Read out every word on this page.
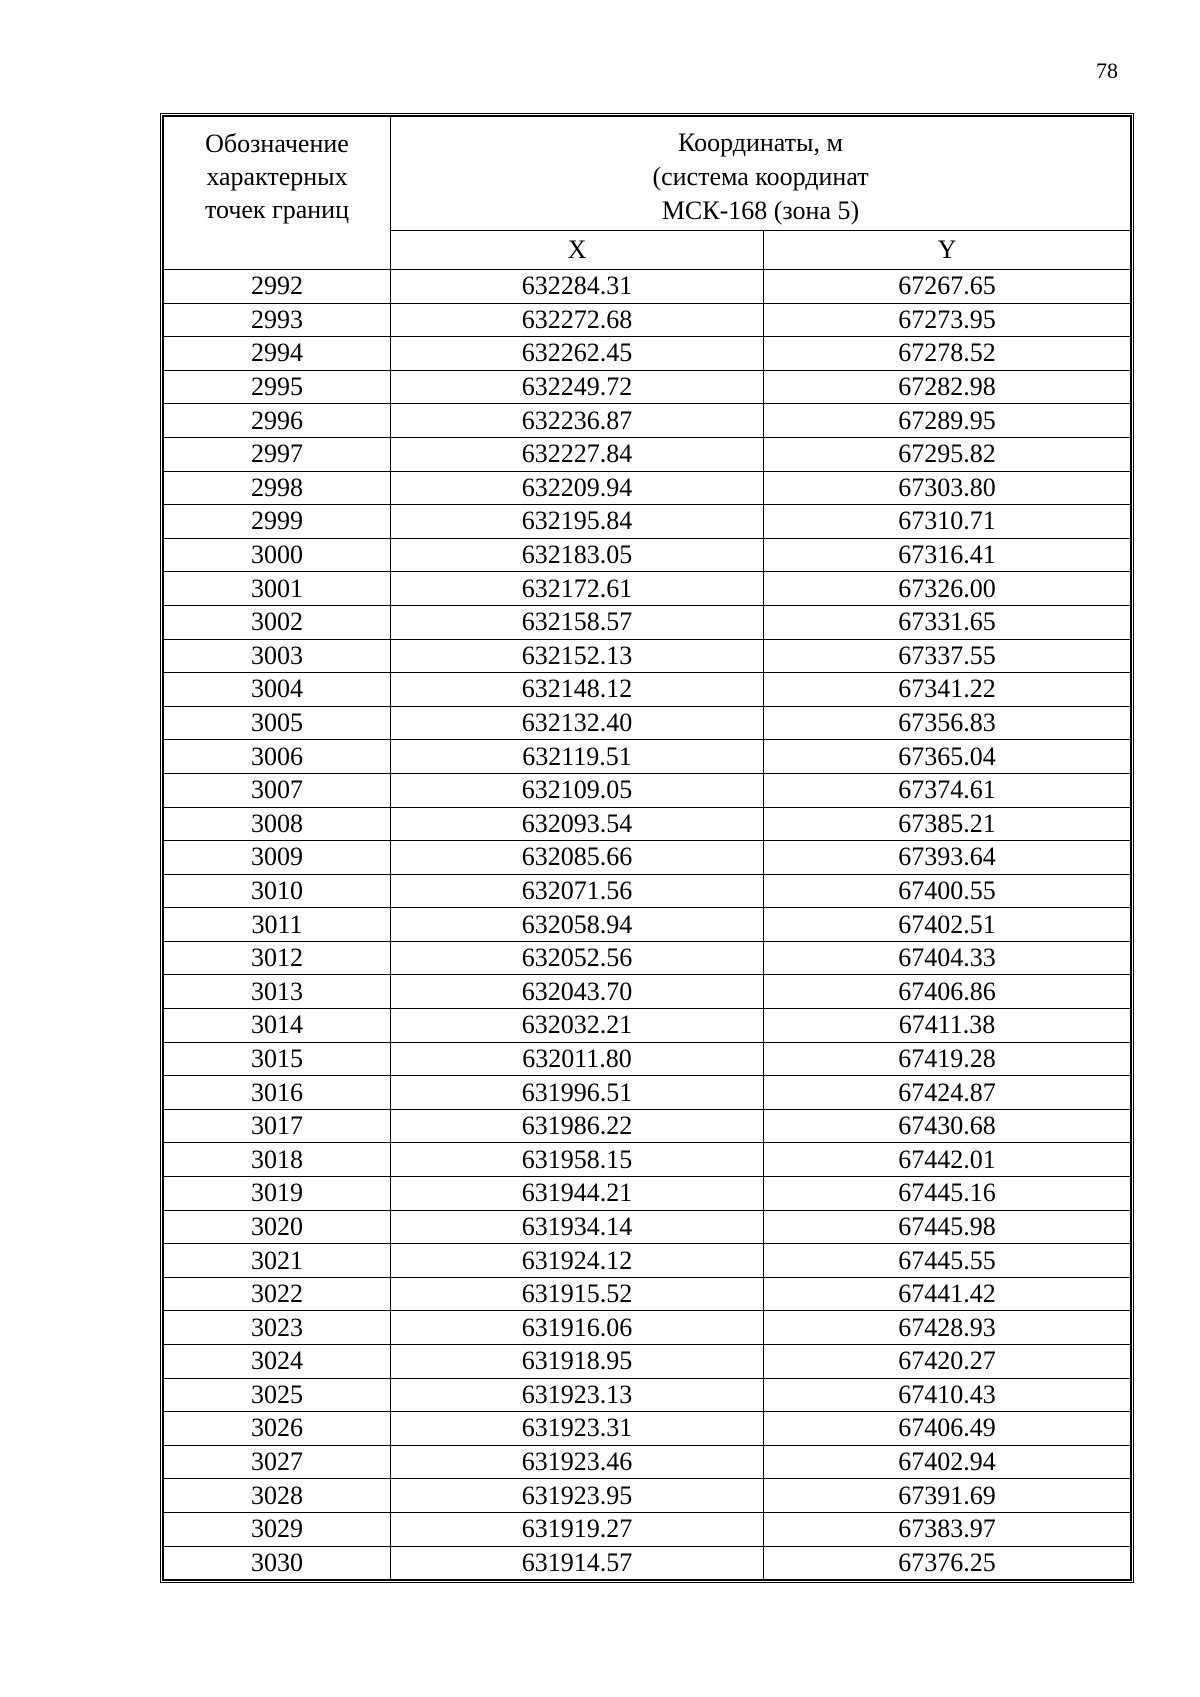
78
Обозначение
характерных
точек границ	Координаты, м
(система координат
МСК-168 (зона 5)	
	X	Y
2992	632284.31	67267.65
2993	632272.68	67273.95
2994	632262.45	67278.52
2995	632249.72	67282.98
2996	632236.87	67289.95
2997	632227.84	67295.82
2998	632209.94	67303.80
2999	632195.84	67310.71
3000	632183.05	67316.41
3001	632172.61	67326.00
3002	632158.57	67331.65
3003	632152.13	67337.55
3004	632148.12	67341.22
3005	632132.40	67356.83
3006	632119.51	67365.04
3007	632109.05	67374.61
3008	632093.54	67385.21
3009	632085.66	67393.64
3010	632071.56	67400.55
3011	632058.94	67402.51
3012	632052.56	67404.33
3013	632043.70	67406.86
3014	632032.21	67411.38
3015	632011.80	67419.28
3016	631996.51	67424.87
3017	631986.22	67430.68
3018	631958.15	67442.01
3019	631944.21	67445.16
3020	631934.14	67445.98
3021	631924.12	67445.55
3022	631915.52	67441.42
3023	631916.06	67428.93
3024	631918.95	67420.27
3025	631923.13	67410.43
3026	631923.31	67406.49
3027	631923.46	67402.94
3028	631923.95	67391.69
3029	631919.27	67383.97
3030	631914.57	67376.25
